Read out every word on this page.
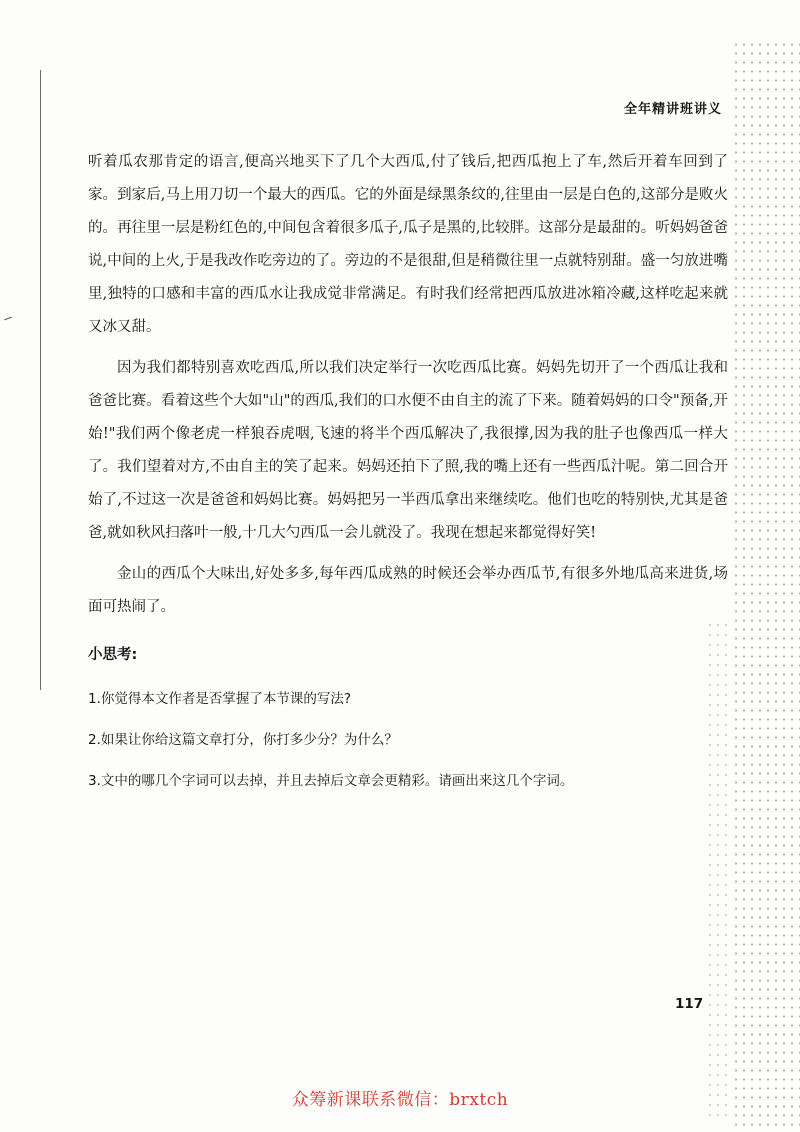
全年精讲班讲义

听着瓜农那肯定的语言,便高兴地买下了几个大西瓜,付了钱后,把西瓜抱上了车,然后开着车回到了家。到家后,马上用刀切一个最大的西瓜。它的外面是绿黑条纹的,往里由一层是白色的,这部分是败火的。再往里一层是粉红色的,中间包含着很多瓜子,瓜子是黑的,比较胖。这部分是最甜的。听妈妈爸爸说,中间的上火,于是我改作吃旁边的了。旁边的不是很甜,但是稍微往里一点就特别甜。盛一匀放进嘴里,独特的口感和丰富的西瓜水让我成觉非常满足。有时我们经常把西瓜放进冰箱冷藏,这样吃起来就又冰又甜。

因为我们都特别喜欢吃西瓜,所以我们决定举行一次吃西瓜比赛。妈妈先切开了一个西瓜让我和爸爸比赛。看着这些个大如"山"的西瓜,我们的口水便不由自主的流了下来。随着妈妈的口令"预备,开始!"我们两个像老虎一样狼吞虎咽,飞速的将半个西瓜解决了,我很撑,因为我的肚子也像西瓜一样大了。我们望着对方,不由自主的笑了起来。妈妈还拍下了照,我的嘴上还有一些西瓜汁呢。第二回合开始了,不过这一次是爸爸和妈妈比赛。妈妈把另一半西瓜拿出来继续吃。他们也吃的特别快,尤其是爸爸,就如秋风扫落叶一般,十几大勺西瓜一会儿就没了。我现在想起来都觉得好笑!

金山的西瓜个大味出,好处多多,每年西瓜成熟的时候还会举办西瓜节,有很多外地瓜高来进货,场面可热闹了。

小思考:
1.你觉得本文作者是否掌握了本节课的写法?
2.如果让你给这篇文章打分，你打多少分？为什么？
3.文中的哪几个字词可以去掉，并且去掉后文章会更精彩。请画出来这几个字词。
117
众筹新课联系微信：brxtch
